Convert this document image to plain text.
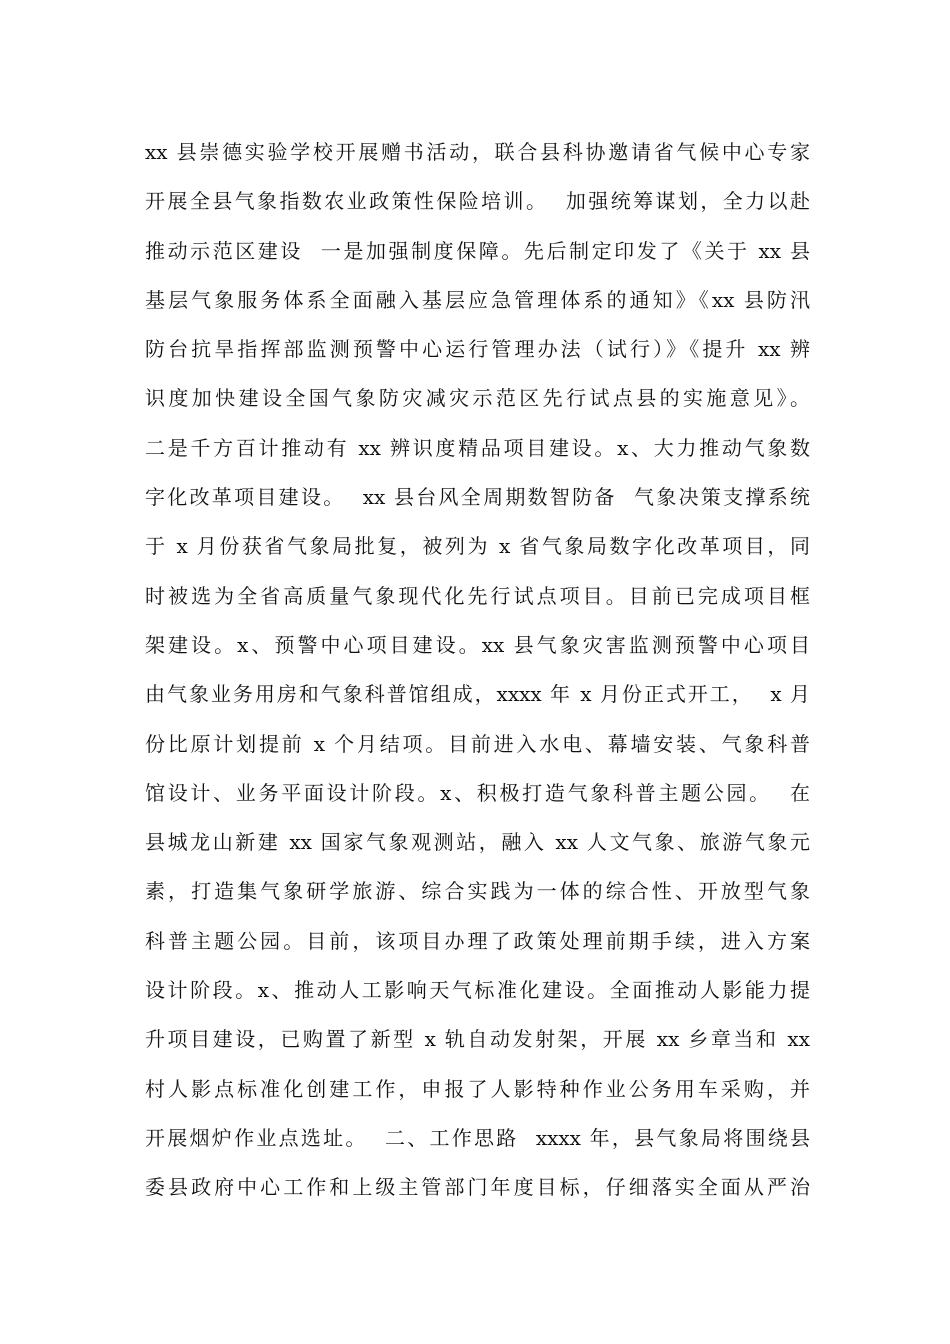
xx 县崇德实验学校开展赠书活动，联合县科协邀请省气候中心专家
开展全县气象指数农业政策性保险培训。  加强统筹谋划，全力以赴
推动示范区建设  一是加强制度保障。先后制定印发了《关于 xx 县
基层气象服务体系全面融入基层应急管理体系的通知》《xx 县防汛
防台抗旱指挥部监测预警中心运行管理办法（试行）》《提升 xx 辨
识度加快建设全国气象防灾减灾示范区先行试点县的实施意见》。
二是千方百计推动有 xx 辨识度精品项目建设。x、大力推动气象数
字化改革项目建设。  xx 县台风全周期数智防备  气象决策支撑系统
于 x 月份获省气象局批复，被列为 x 省气象局数字化改革项目，同
时被选为全省高质量气象现代化先行试点项目。目前已完成项目框
架建设。x、预警中心项目建设。xx 县气象灾害监测预警中心项目
由气象业务用房和气象科普馆组成，xxxx 年 x 月份正式开工，  x 月
份比原计划提前 x 个月结项。目前进入水电、幕墙安装、气象科普
馆设计、业务平面设计阶段。x、积极打造气象科普主题公园。  在
县城龙山新建 xx 国家气象观测站，融入 xx 人文气象、旅游气象元
素，打造集气象研学旅游、综合实践为一体的综合性、开放型气象
科普主题公园。目前，该项目办理了政策处理前期手续，进入方案
设计阶段。x、推动人工影响天气标准化建设。全面推动人影能力提
升项目建设，已购置了新型 x 轨自动发射架，开展 xx 乡章当和 xx
村人影点标准化创建工作，申报了人影特种作业公务用车采购，并
开展烟炉作业点选址。  二、工作思路  xxxx 年，县气象局将围绕县
委县政府中心工作和上级主管部门年度目标，仔细落实全面从严治
